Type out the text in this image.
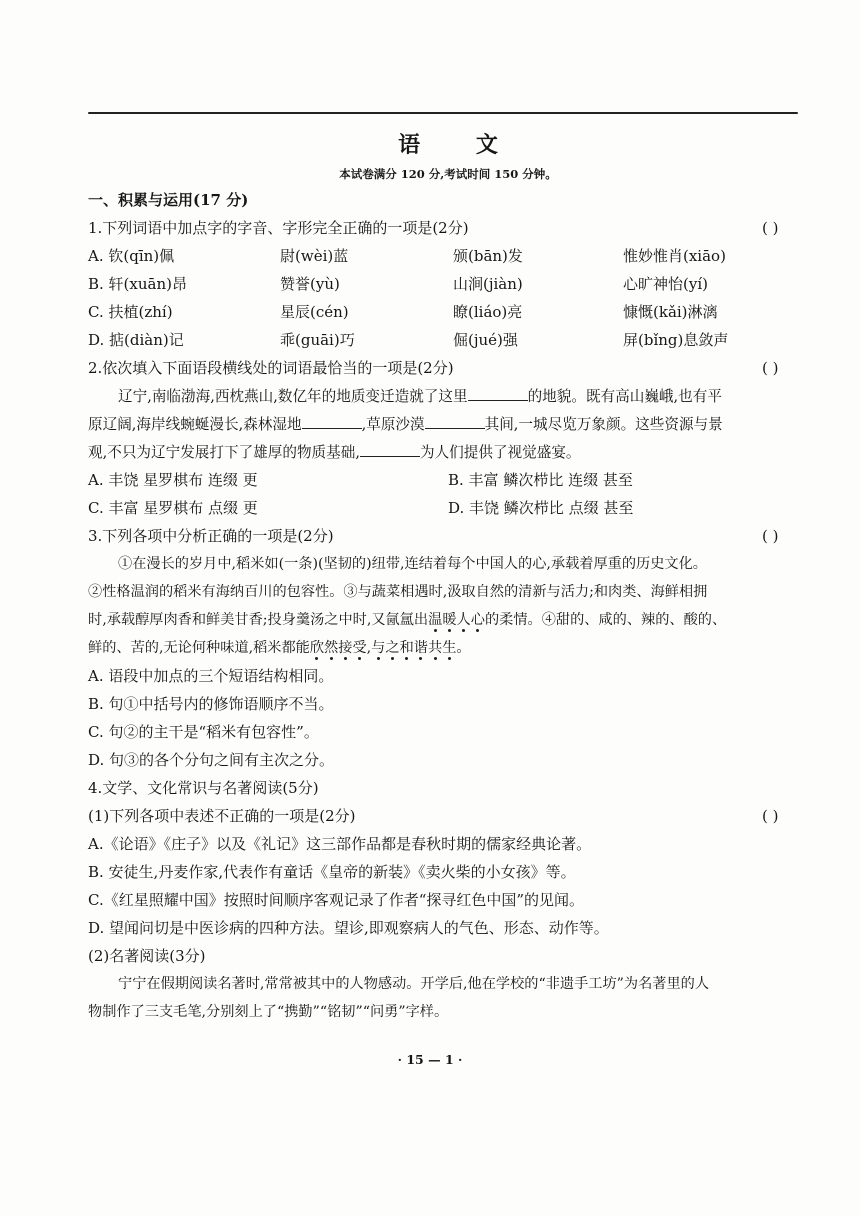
语 文
本试卷满分 120 分,考试时间 150 分钟。
一、积累与运用(17 分)
1.下列词语中加点字的字音、字形完全正确的一项是(2分)	( )
A. 钦(qīn)佩	尉(wèi)蓝	颁(bān)发	惟妙惟肖(xiāo)
B. 轩(xuān)昂	赞誉(yù)	山涧(jiàn)	心旷神怡(yí)
C. 扶植(zhí)	星辰(cén)	瞭(liáo)亮	慷慨(kǎi)淋漓
D. 掂(diàn)记	乖(guāi)巧	倔(jué)强	屏(bǐng)息敛声
2.依次填入下面语段横线处的词语最恰当的一项是(2分)	( )
辽宁,南临渤海,西枕燕山,数亿年的地质变迁造就了这里	的地貌。既有高山巍峨,也有平
原辽阔,海岸线蜿蜒漫长,森林湿地	,草原沙漠	其间,一城尽览万象颜。这些资源与景
观,不只为辽宁发展打下了雄厚的物质基础,	为人们提供了视觉盛宴。
A. 丰饶 星罗棋布 连缀 更	B. 丰富 鳞次栉比 连缀 甚至
C. 丰富 星罗棋布 点缀 更	D. 丰饶 鳞次栉比 点缀 甚至
3.下列各项中分析正确的一项是(2分)	( )
①在漫长的岁月中,稻米如(一条)(坚韧的)纽带,连结着每个中国人的心,承载着厚重的历史文化。
②性格温润的稻米有海纳百川的包容性。③与蔬菜相遇时,汲取自然的清新与活力;和肉类、海鲜相拥
时,承载醇厚肉香和鲜美甘香;投身羹汤之中时,又氤氲出温暖人心的柔情。④甜的、咸的、辣的、酸的、
鲜的、苦的,无论何种味道,稻米都能欣然接受,与之和谐共生。
A. 语段中加点的三个短语结构相同。
B. 句①中括号内的修饰语顺序不当。
C. 句②的主干是“稻米有包容性”。
D. 句③的各个分句之间有主次之分。
4.文学、文化常识与名著阅读(5分)
(1)下列各项中表述不正确的一项是(2分)	( )
A.《论语》《庄子》以及《礼记》这三部作品都是春秋时期的儒家经典论著。
B. 安徒生,丹麦作家,代表作有童话《皇帝的新装》《卖火柴的小女孩》等。
C.《红星照耀中国》按照时间顺序客观记录了作者“探寻红色中国”的见闻。
D. 望闻问切是中医诊病的四种方法。望诊,即观察病人的气色、形态、动作等。
(2)名著阅读(3分)
宁宁在假期阅读名著时,常常被其中的人物感动。开学后,他在学校的“非遗手工坊”为名著里的人
物制作了三支毛笔,分别刻上了“携勤”“铭韧”“问勇”字样。
· 15 — 1 ·
